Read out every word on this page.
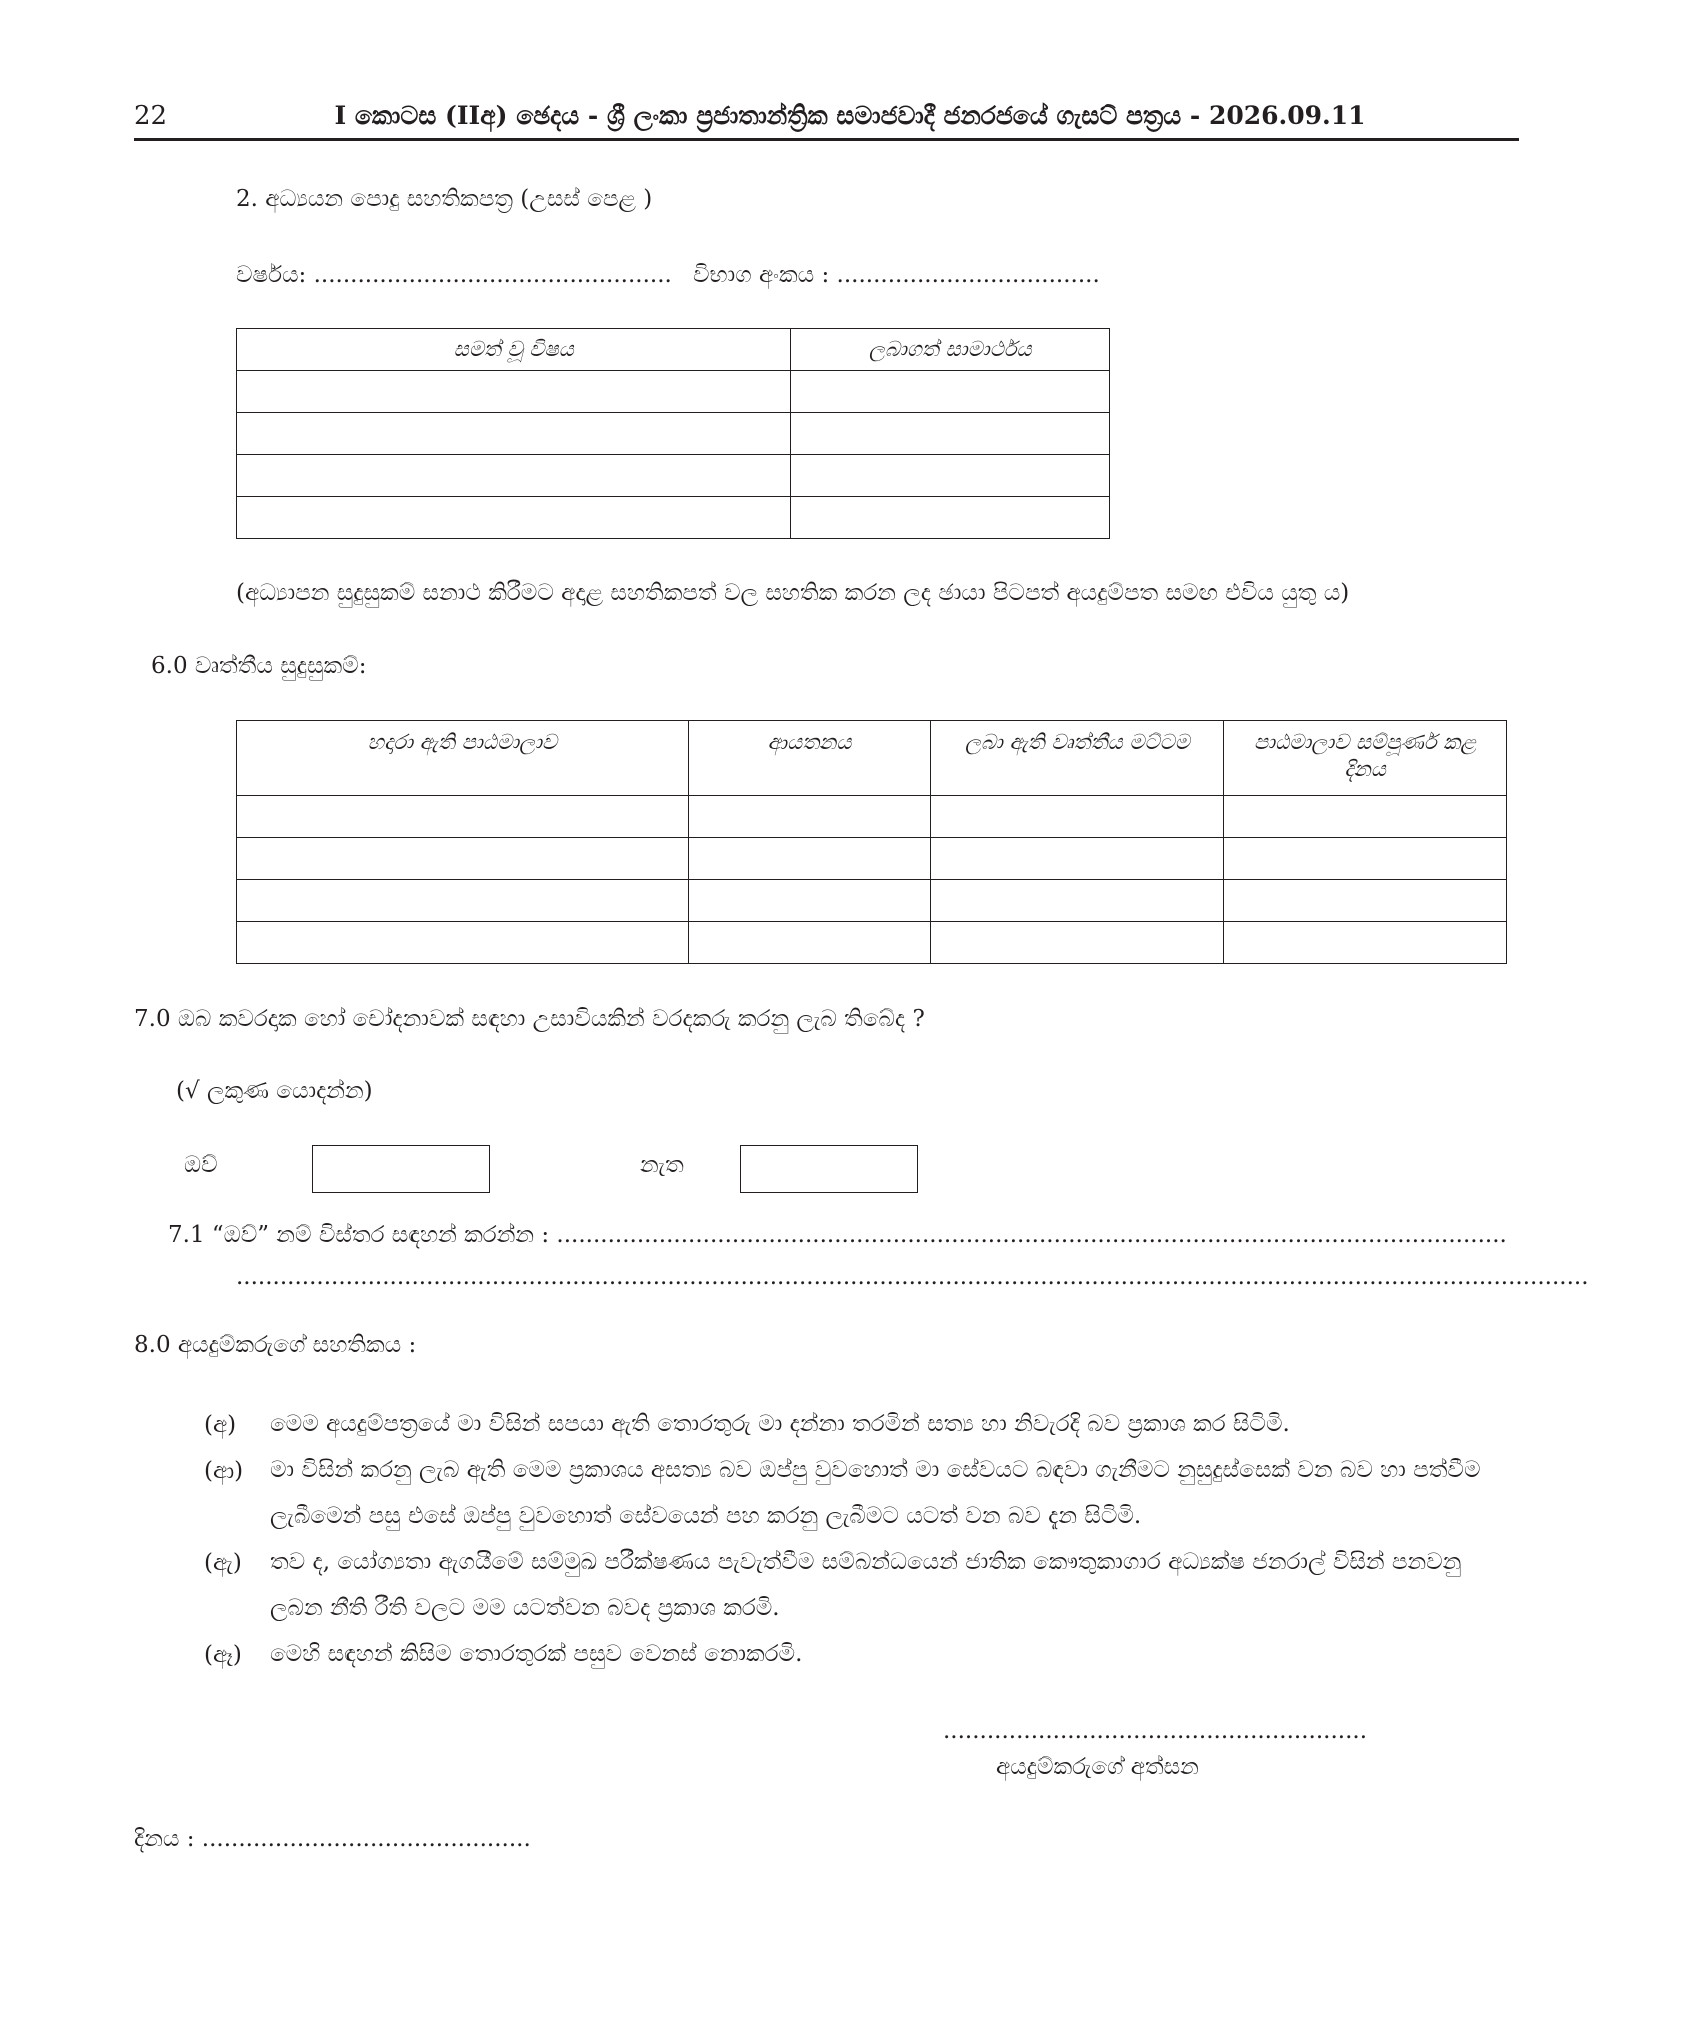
22	I කොටස (IIඅ) ඡෙදය - ශ්‍රී ලංකා ප්‍රජාතාන්ත්‍රික සමාජවාදී ජනරජයේ ගැසට් පත්‍රය - 2026.09.11
2. අධ්‍යයන පොදු සහතිකපත්‍ර (උසස් පෙළ )
වර්ෂය: ................................................. විභාග අංකය : ....................................
සමත් වූ විෂය	ලබාගත් සාමාර්ථය

(අධ්‍යාපන සුදුසුකම් සනාථ කිරීමට අදාළ සහතිකපත් වල සහතික කරන ලද ඡායා පිටපත් අයදුම්පත සමඟ එවිය යුතු ය)
6.0 වෘත්තීය සුදුසුකම්:
හදාරා ඇති පාඨමාලාව	ආයතනය	ලබා ඇති වෘත්තීය මට්ටම	පාඨමාලාව සම්පූර්ණ කළ දිනය

7.0 ඔබ කවරදාක හෝ චෝදනාවක් සඳහා උසාවියකින් වරදකරු කරනු ලැබ තිබේද ?
(√ ලකුණ යොදන්න)
ඔව්	නැත
7.1 “ඔව්” නම් විස්තර සඳහන් කරන්න : ..................................................................................................................................
.........................................................................................................................................................................................
8.0 අයදුම්කරුගේ සහතිකය :
(අ) මෙම අයදුම්පත්‍රයේ මා විසින් සපයා ඇති තොරතුරු මා දන්නා තරමින් සත්‍ය හා නිවැරදි බව ප්‍රකාශ කර සිටිමි.
(ආ) මා විසින් කරනු ලැබ ඇති මෙම ප්‍රකාශය අසත්‍ය බව ඔප්පු වුවහොත් මා සේවයට බඳවා ගැනීමට නුසුදුස්සෙක් වන බව හා පත්වීම ලැබීමෙන් පසු එසේ ඔප්පු වුවහොත් සේවයෙන් පහ කරනු ලැබීමට යටත් වන බව දැන සිටිමි.
(ඇ) තව ද, යෝග්‍යතා ඇගයීමේ සම්මුඛ පරීක්ෂණය පැවැත්වීම සම්බන්ධයෙන් ජාතික කෞතුකාගාර අධ්‍යක්ෂ ජනරාල් විසින් පනවනු ලබන නීති රීති වලට මම යටත්වන බවද ප්‍රකාශ කරමි.
(ඈ) මෙහි සඳහන් කිසිම තොරතුරක් පසුව වෙනස් නොකරමි.
..........................................................
අයදුම්කරුගේ අත්සන
දිනය : .............................................
